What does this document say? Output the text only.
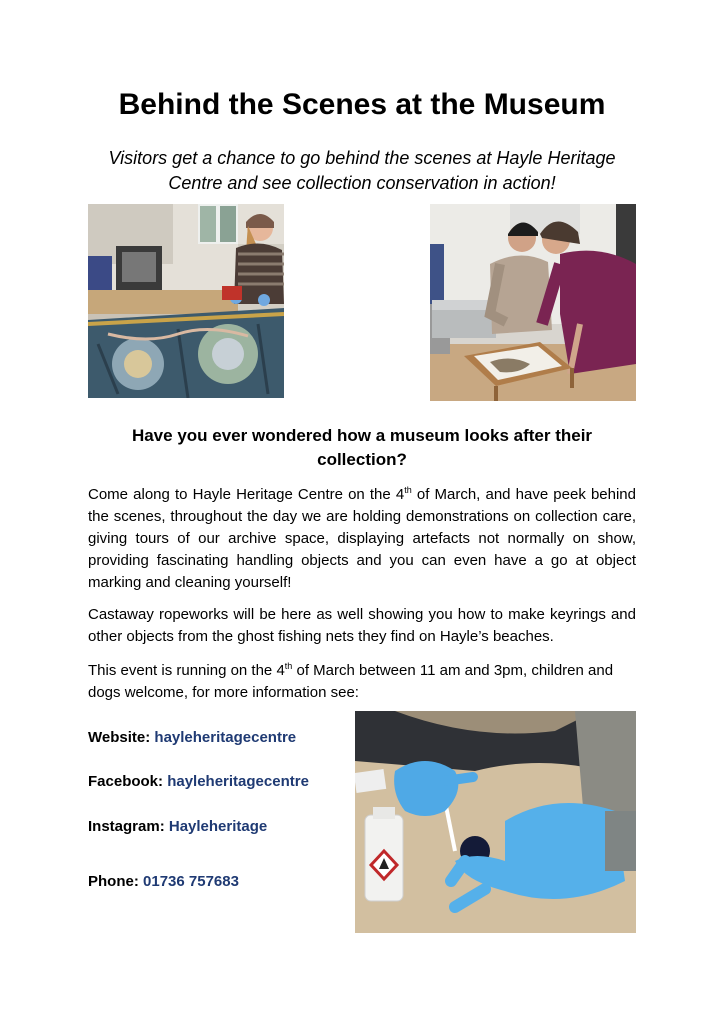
Behind the Scenes at the Museum
Visitors get a chance to go behind the scenes at Hayle Heritage Centre and see collection conservation in action!
Have you ever wondered how a museum looks after their collection?
Come along to Hayle Heritage Centre on the 4th of March, and have peek behind the scenes, throughout the day we are holding demonstrations on collection care, giving tours of our archive space, displaying artefacts not normally on show, providing fascinating handling objects and you can even have a go at object marking and cleaning yourself!
Castaway ropeworks will be here as well showing you how to make keyrings and other objects from the ghost fishing nets they find on Hayle’s beaches.
This event is running on the 4th of March between 11 am and 3pm, children and dogs welcome, for more information see:
Website: hayleheritagecentre
Facebook: hayleheritagecentre
Instagram: Hayleheritage
Phone: 01736 757683
